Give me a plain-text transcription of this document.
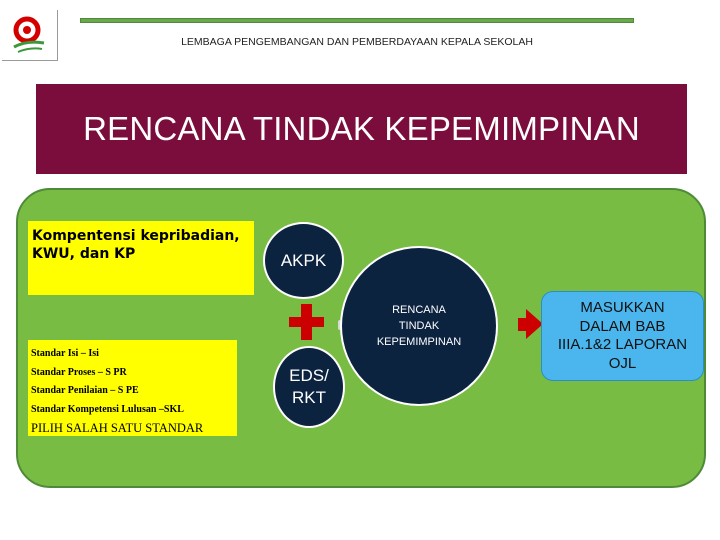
LEMBAGA PENGEMBANGAN DAN PEMBERDAYAAN KEPALA SEKOLAH
RENCANA TINDAK KEPEMIMPINAN
Kompentensi kepribadian, KWU, dan KP
Standar Isi – Isi
Standar Proses – S PR
Standar Penilaian – S PE
Standar Kompetensi Lulusan –SKL
PILIH SALAH SATU STANDAR
AKPK
EDS/
RKT
RENCANA
TINDAK
KEPEMIMPINAN
MASUKKAN
DALAM BAB
IIIA.1&2 LAPORAN
OJL
